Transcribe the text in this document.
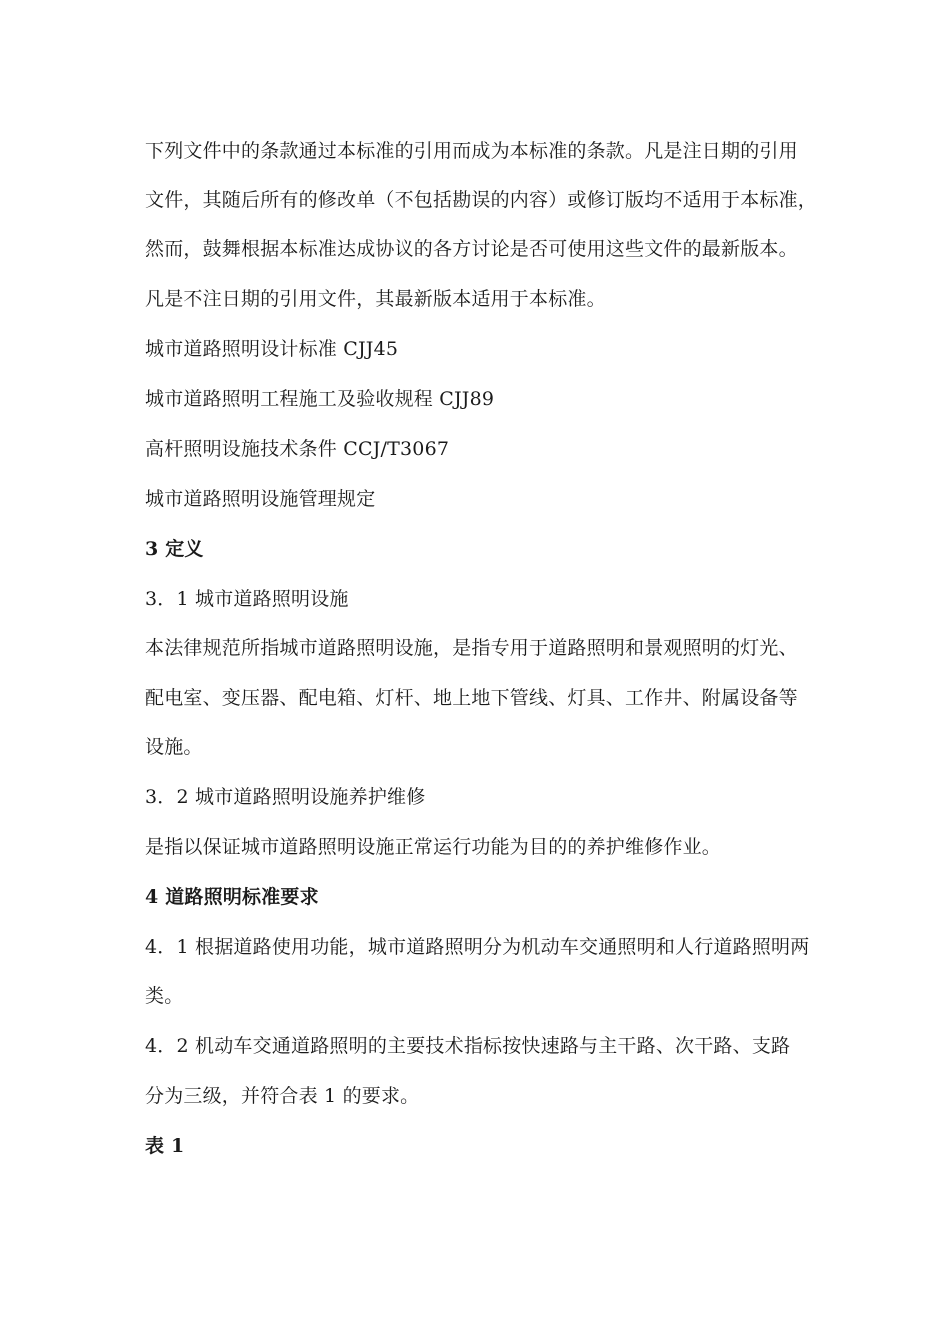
下列文件中的条款通过本标准的引用而成为本标准的条款。凡是注日期的引用
文件，其随后所有的修改单（不包括勘误的内容）或修订版均不适用于本标准，
然而，鼓舞根据本标准达成协议的各方讨论是否可使用这些文件的最新版本。
凡是不注日期的引用文件，其最新版本适用于本标准。
城市道路照明设计标准 CJJ45
城市道路照明工程施工及验收规程 CJJ89
高杆照明设施技术条件 CCJ/T3067
城市道路照明设施管理规定
3 定义
3．1 城市道路照明设施
本法律规范所指城市道路照明设施，是指专用于道路照明和景观照明的灯光、
配电室、变压器、配电箱、灯杆、地上地下管线、灯具、工作井、附属设备等
设施。
3．2 城市道路照明设施养护维修
是指以保证城市道路照明设施正常运行功能为目的的养护维修作业。
4 道路照明标准要求
4．1 根据道路使用功能，城市道路照明分为机动车交通照明和人行道路照明两
类。
4．2 机动车交通道路照明的主要技术指标按快速路与主干路、次干路、支路
分为三级，并符合表 1 的要求。
表 1
